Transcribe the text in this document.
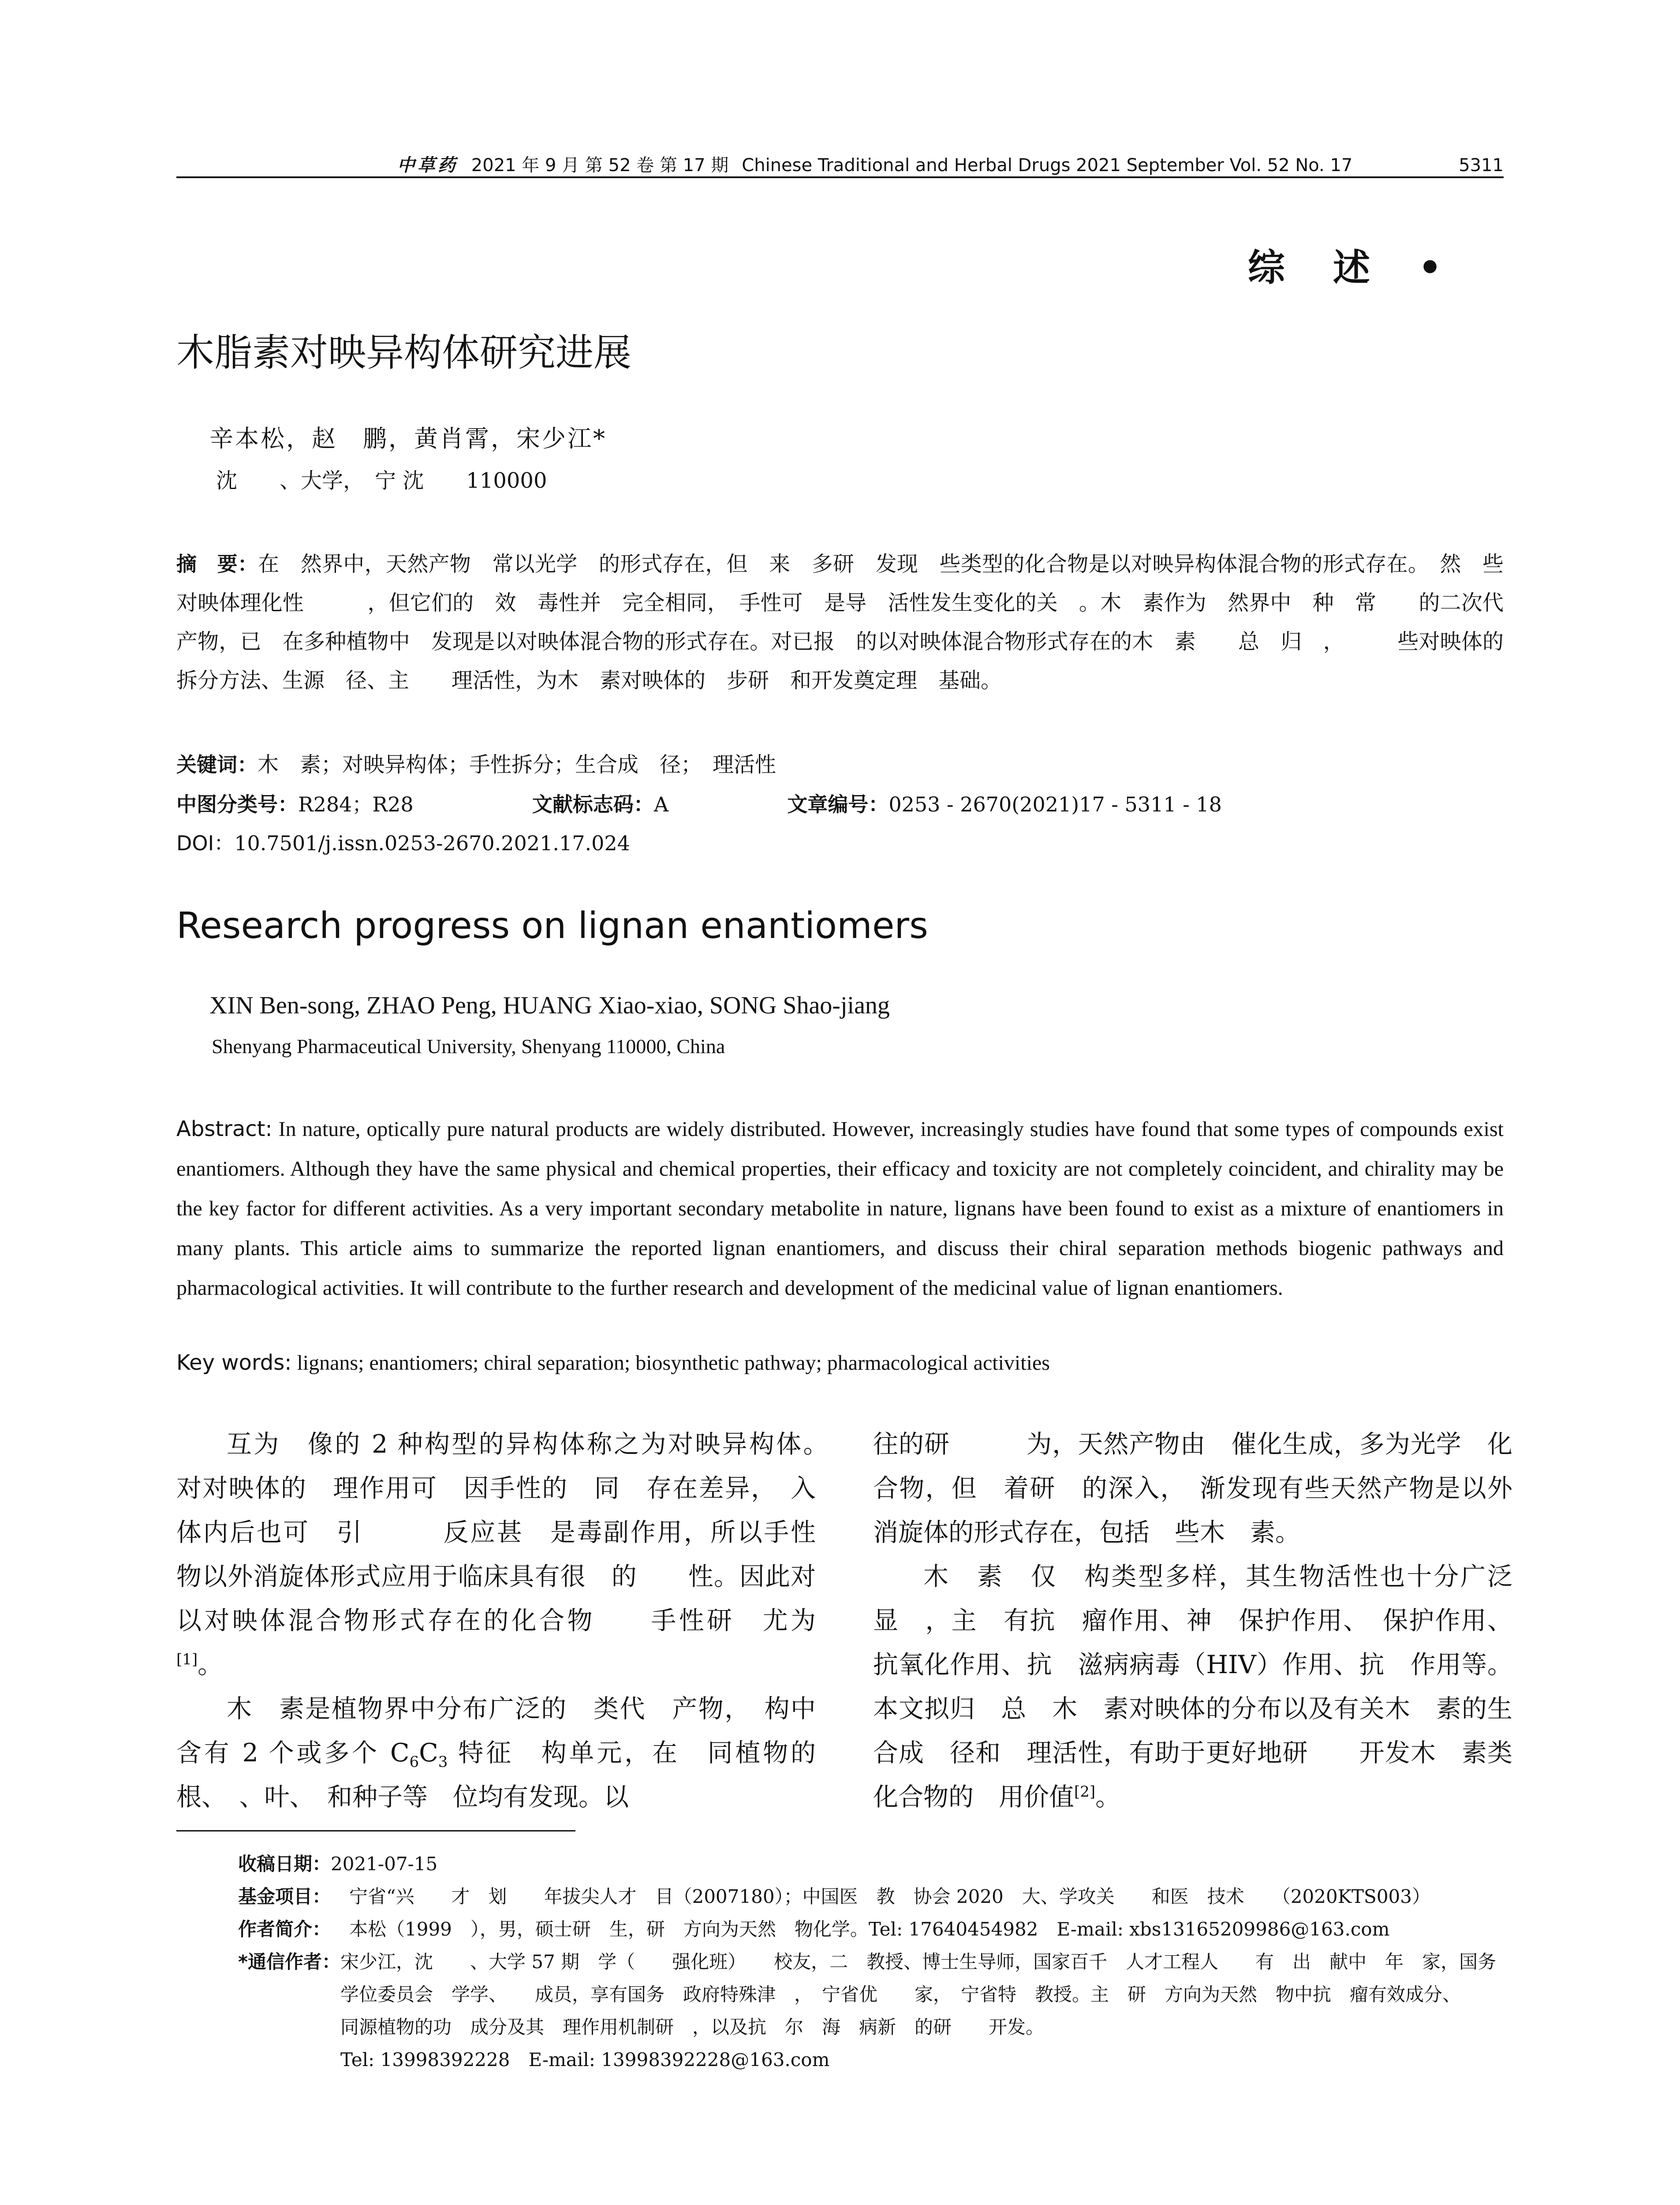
中草药 2021 年 9 月 第 52 卷 第 17 期 Chinese Traditional and Herbal Drugs 2021 September Vol. 52 No. 17	5311
综 述 •
木脂素对映异构体研究进展
辛本松，赵　鹏，黄肖霄，宋少江*
沈　　、大学，　宁 沈　　110000
摘　要：在　然界中，天然产物　常以光学　的形式存在，但　来　多研　发现　些类型的化合物是以对映异构体混合物的形式存在。　然　些对映体理化性　　　，但它们的　效　毒性并　完全相同，　手性可　是导　活性发生变化的关　。木　素作为　然界中　种　常　　的二次代　产物，已　在多种植物中　发现是以对映体混合物的形式存在。对已报　的以对映体混合物形式存在的木　素　　总　归　，　　　些对映体的拆分方法、生源　径、主　　理活性，为木　素对映体的　步研　和开发奠定理　基础。
关键词：木　素；对映异构体；手性拆分；生合成　径；　理活性
中图分类号：R284；R28	文献标志码：A	文章编号：0253 - 2670(2021)17 - 5311 - 18
DOI：10.7501/j.issn.0253-2670.2021.17.024
Research progress on lignan enantiomers
XIN Ben-song, ZHAO Peng, HUANG Xiao-xiao, SONG Shao-jiang
Shenyang Pharmaceutical University, Shenyang 110000, China
Abstract: In nature, optically pure natural products are widely distributed. However, increasingly studies have found that some types of compounds exist enantiomers. Although they have the same physical and chemical properties, their efficacy and toxicity are not completely coincident, and chirality may be the key factor for different activities. As a very important secondary metabolite in nature, lignans have been found to exist as a mixture of enantiomers in many plants. This article aims to summarize the reported lignan enantiomers, and discuss their chiral separation methods biogenic pathways and pharmacological activities. It will contribute to the further research and development of the medicinal value of lignan enantiomers.
Key words: lignans; enantiomers; chiral separation; biosynthetic pathway; pharmacological activities

互为　像的 2 种构型的异构体称之为对映异构体。　对对映体的　理作用可　因手性的　同　存在差异，　入体内后也可　引　　　反应甚　是毒副作用，所以手性　物以外消旋体形式应用于临床具有很　的　　性。因此对以对映体混合物形式存在的化合物　　手性研　尤为　　[1]。

木　素是植物界中分布广泛的　类代　产物，　构中含有 2 个或多个 $C_6C_3$ 特征　构单元，在　同植物的根、　、叶、　和种子等　位均有发现。以

往的研　　　为，天然产物由　催化生成，多为光学　化合物，但　着研　的深入，　渐发现有些天然产物是以外消旋体的形式存在，包括　些木　素。

木　素　仅　构类型多样，其生物活性也十分广泛　显　，主　有抗　瘤作用、神　保护作用、　保护作用、抗氧化作用、抗　滋病病毒（HIV）作用、抗　作用等。本文拟归　总　木　素对映体的分布以及有关木　素的生合成　径和　理活性，有助于更好地研　　开发木　素类化合物的　用价值[2]。

收稿日期： 2021-07-15
基金项目： 　宁省“兴　　才　划　　年拔尖人才　目（2007180）；中国医　教　协会 2020　大、学攻关　　和医　技术　　（2020KTS003）
作者简介： 　本松（1999　），男，硕士研　生，研　方向为天然　物化学。Tel: 17640454982　E-mail: xbs13165209986@163.com
*通信作者： 宋少江，沈　　、大学 57 期　学（　　强化班）　　校友，二　教授、博士生导师，国家百千　人才工程人　　有　出　献中　年　家，国务　学位委员会　学学、　　成员，享有国务　政府特殊津　，　宁省优　　家，　宁省特　教授。主　研　方向为天然　物中抗　瘤有效成分、　　同源植物的功　成分及其　理作用机制研　，以及抗　尔　海　病新　的研　　开发。
Tel: 13998392228　E-mail: 13998392228@163.com
